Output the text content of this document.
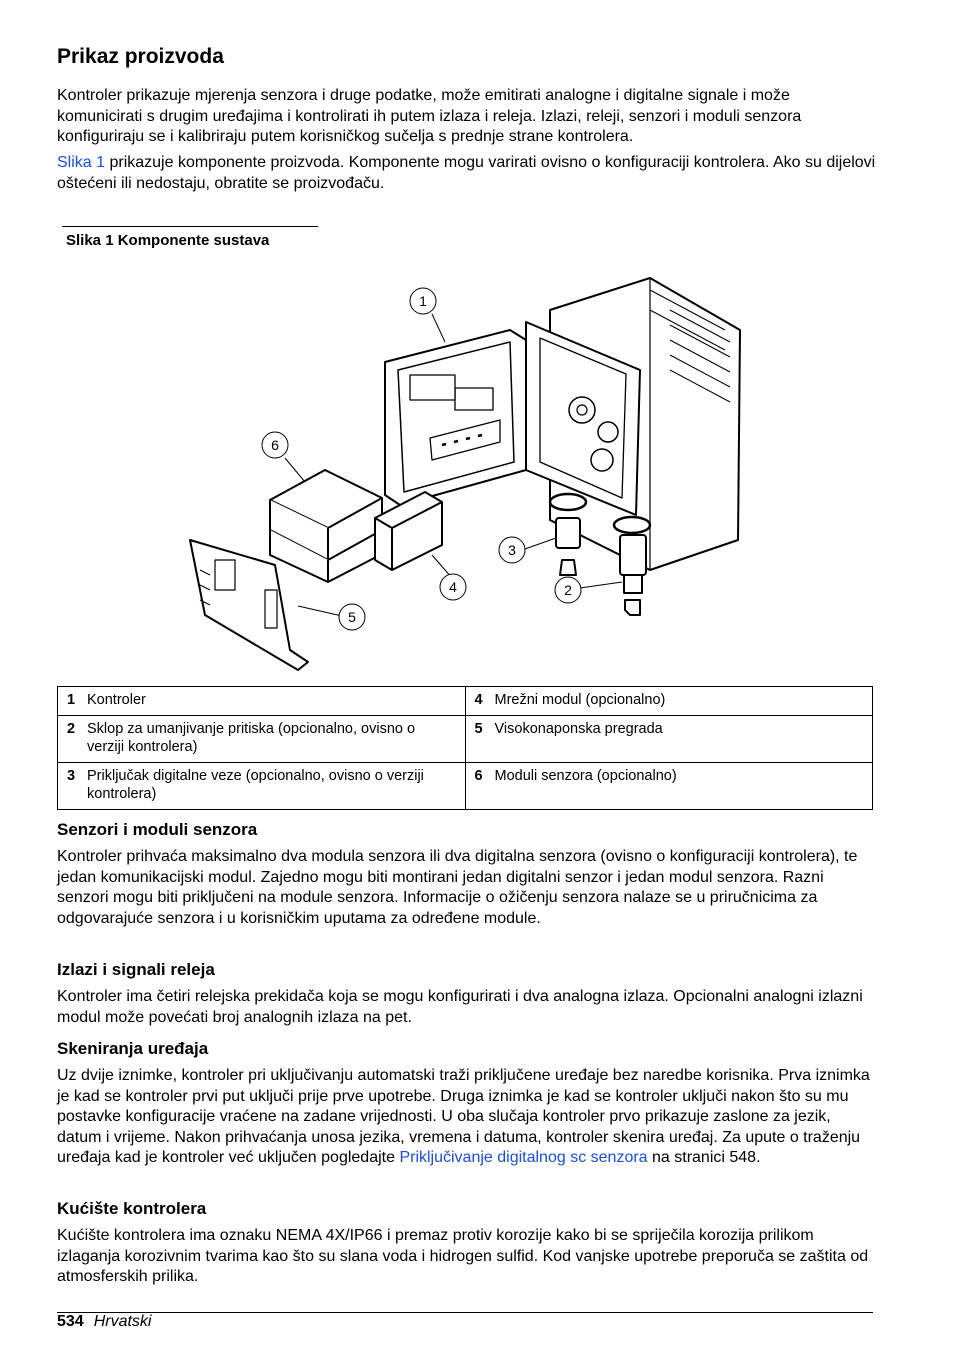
Prikaz proizvoda

Kontroler prikazuje mjerenja senzora i druge podatke, može emitirati analogne i digitalne signale i može komunicirati s drugim uređajima i kontrolirati ih putem izlaza i releja. Izlazi, releji, senzori i moduli senzora konfiguriraju se i kalibriraju putem korisničkog sučelja s prednje strane kontrolera.

Slika 1 prikazuje komponente proizvoda. Komponente mogu varirati ovisno o konfiguraciji kontrolera. Ako su dijelovi oštećeni ili nedostaju, obratite se proizvođaču.

Slika 1 Komponente sustava
1
2
3
4
5
6
1 Kontroler	4 Mrežni modul (opcionalno)
2 Sklop za umanjivanje pritiska (opcionalno, ovisno o verziji kontrolera)	5 Visokonaponska pregrada
3 Priključak digitalne veze (opcionalno, ovisno o verziji kontrolera)	6 Moduli senzora (opcionalno)
Senzori i moduli senzora

Kontroler prihvaća maksimalno dva modula senzora ili dva digitalna senzora (ovisno o konfiguraciji kontrolera), te jedan komunikacijski modul. Zajedno mogu biti montirani jedan digitalni senzor i jedan modul senzora. Razni senzori mogu biti priključeni na module senzora. Informacije o ožičenju senzora nalaze se u priručnicima za odgovarajuće senzora i u korisničkim uputama za određene module.

Izlazi i signali releja

Kontroler ima četiri relejska prekidača koja se mogu konfigurirati i dva analogna izlaza. Opcionalni analogni izlazni modul može povećati broj analognih izlaza na pet.

Skeniranja uređaja

Uz dvije iznimke, kontroler pri uključivanju automatski traži priključene uređaje bez naredbe korisnika. Prva iznimka je kad se kontroler prvi put uključi prije prve upotrebe. Druga iznimka je kad se kontroler uključi nakon što su mu postavke konfiguracije vraćene na zadane vrijednosti. U oba slučaja kontroler prvo prikazuje zaslone za jezik, datum i vrijeme. Nakon prihvaćanja unosa jezika, vremena i datuma, kontroler skenira uređaj. Za upute o traženju uređaja kad je kontroler već uključen pogledajte Priključivanje digitalnog sc senzora na stranici 548.

Kućište kontrolera

Kućište kontrolera ima oznaku NEMA 4X/IP66 i premaz protiv korozije kako bi se spriječila korozija prilikom izlaganja korozivnim tvarima kao što su slana voda i hidrogen sulfid. Kod vanjske upotrebe preporuča se zaštita od atmosferskih prilika.

534 Hrvatski
